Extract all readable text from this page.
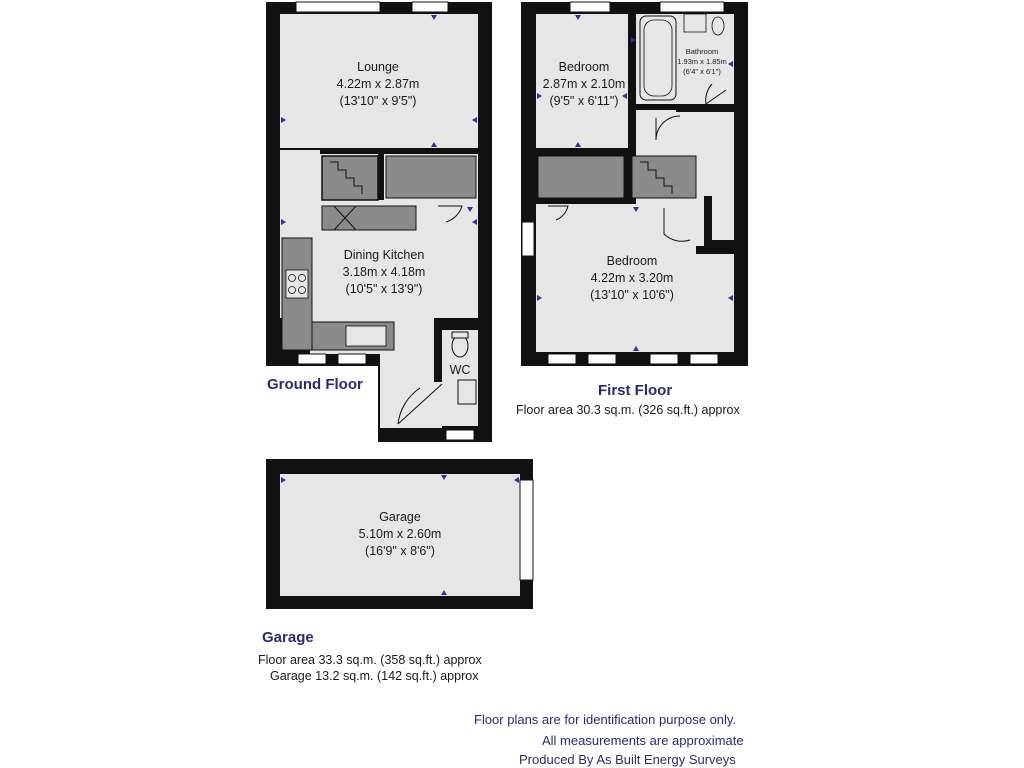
Lounge
4.22m x 2.87m
(13'10" x 9'5")
Dining Kitchen
3.18m x 4.18m
(10'5" x 13'9")
WC
Bedroom
2.87m x 2.10m
(9'5" x 6'11")
Bathroom
1.93m x 1.85m
(6'4" x 6'1")
Bedroom
4.22m x 3.20m
(13'10" x 10'6")
Garage
5.10m x 2.60m
(16'9" x 8'6")
Ground Floor	First Floor
Floor area 30.3 sq.m. (326 sq.ft.) approx
Garage
Floor area 33.3 sq.m. (358 sq.ft.) approx
Garage 13.2 sq.m. (142 sq.ft.) approx
Floor plans are for identification purpose only.
All measurements are approximate
Produced By As Built Energy Surveys
